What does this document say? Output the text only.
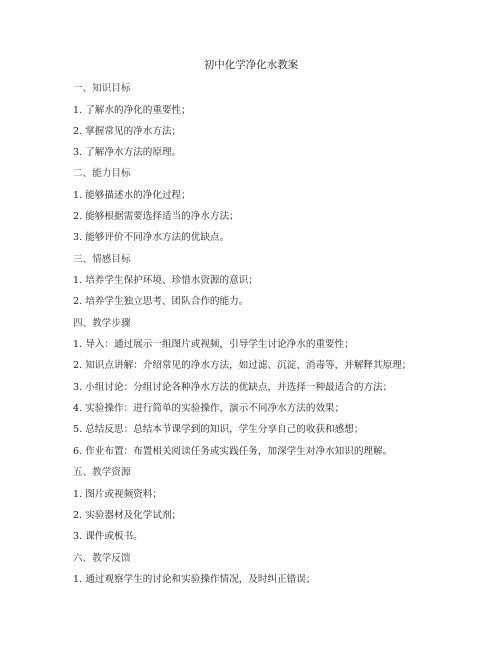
初中化学净化水教案
一、知识目标
1. 了解水的净化的重要性；
2. 掌握常见的净水方法；
3. 了解净水方法的原理。
二、能力目标
1. 能够描述水的净化过程；
2. 能够根据需要选择适当的净水方法；
3. 能够评价不同净水方法的优缺点。
三、情感目标
1. 培养学生保护环境、珍惜水资源的意识；
2. 培养学生独立思考、团队合作的能力。
四、教学步骤
1. 导入：通过展示一组图片或视频，引导学生讨论净水的重要性；
2. 知识点讲解：介绍常见的净水方法，如过滤、沉淀、消毒等，并解释其原理；
3. 小组讨论：分组讨论各种净水方法的优缺点，并选择一种最适合的方法；
4. 实验操作：进行简单的实验操作，演示不同净水方法的效果；
5. 总结反思：总结本节课学到的知识，学生分享自己的收获和感想；
6. 作业布置：布置相关阅读任务或实践任务，加深学生对净水知识的理解。
五、教学资源
1. 图片或视频资料；
2. 实验器材及化学试剂；
3. 课件或板书。
六、教学反馈
1. 通过观察学生的讨论和实验操作情况，及时纠正错误；
